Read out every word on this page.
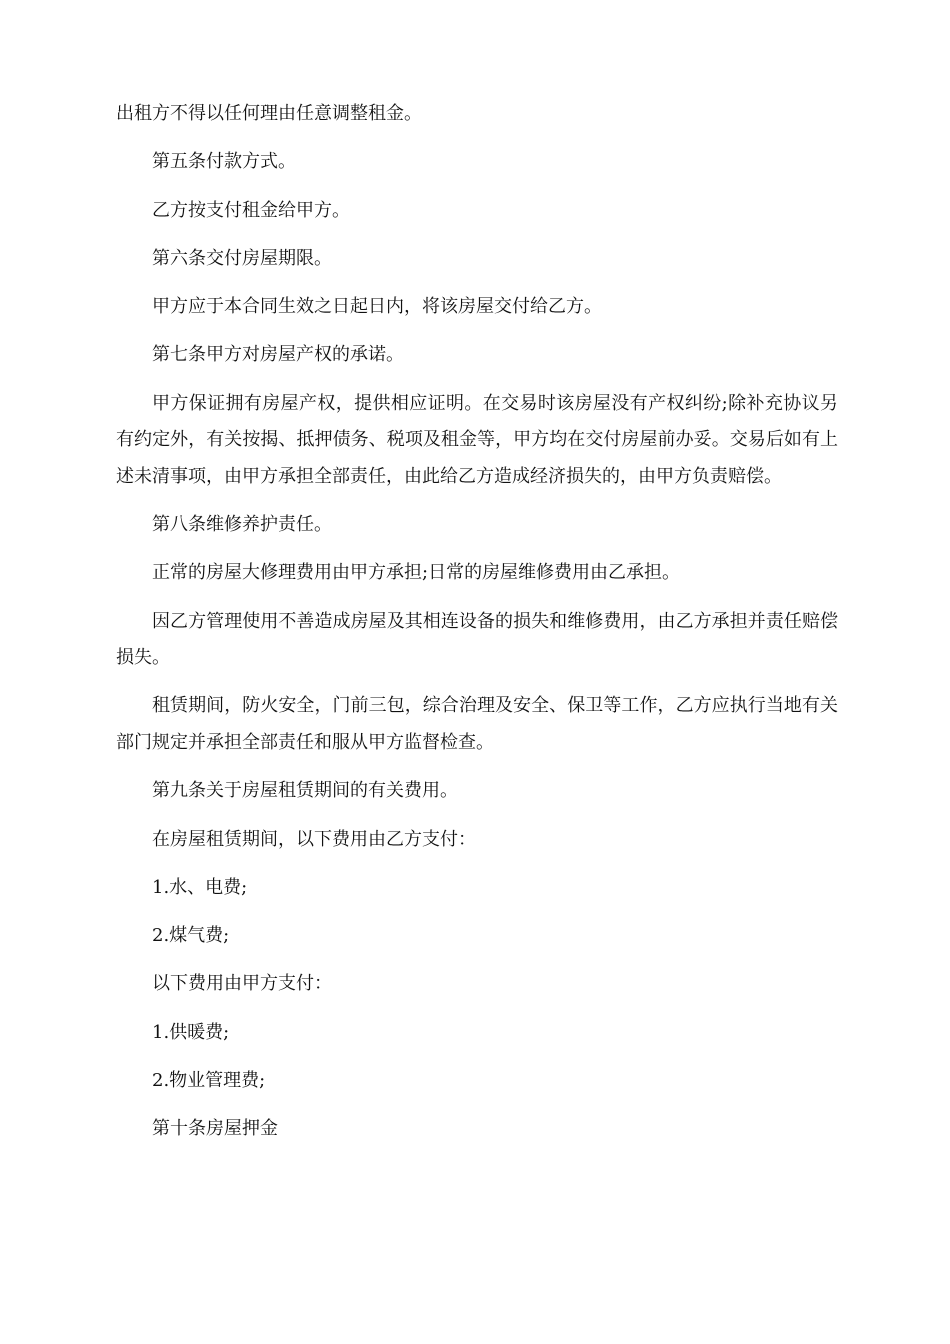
出租方不得以任何理由任意调整租金。

第五条付款方式。

乙方按支付租金给甲方。

第六条交付房屋期限。

甲方应于本合同生效之日起日内，将该房屋交付给乙方。

第七条甲方对房屋产权的承诺。

甲方保证拥有房屋产权，提供相应证明。在交易时该房屋没有产权纠纷;除补充协议另有约定外，有关按揭、抵押债务、税项及租金等，甲方均在交付房屋前办妥。交易后如有上述未清事项，由甲方承担全部责任，由此给乙方造成经济损失的，由甲方负责赔偿。

第八条维修养护责任。

正常的房屋大修理费用由甲方承担;日常的房屋维修费用由乙承担。

因乙方管理使用不善造成房屋及其相连设备的损失和维修费用，由乙方承担并责任赔偿损失。

租赁期间，防火安全，门前三包，综合治理及安全、保卫等工作，乙方应执行当地有关部门规定并承担全部责任和服从甲方监督检查。

第九条关于房屋租赁期间的有关费用。

在房屋租赁期间，以下费用由乙方支付：

1.水、电费;

2.煤气费;

以下费用由甲方支付：

1.供暖费;

2.物业管理费;

第十条房屋押金
